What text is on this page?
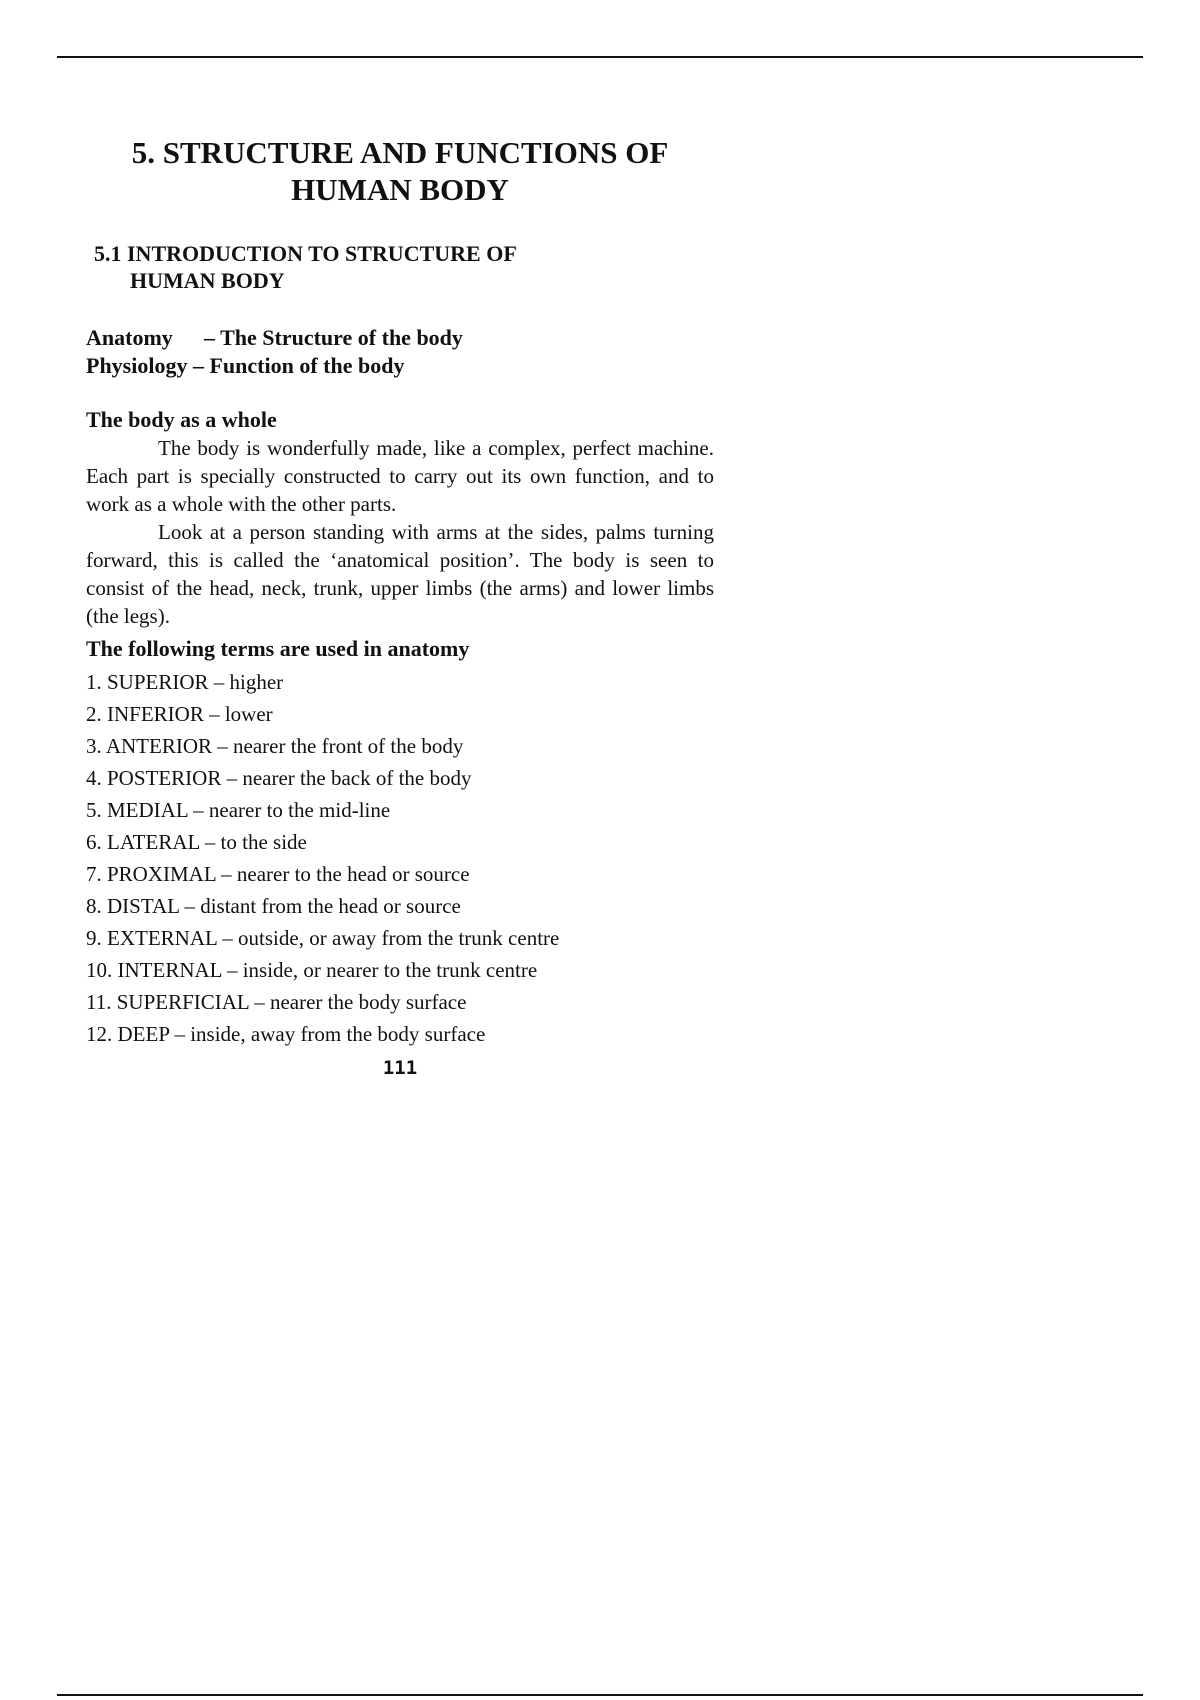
5. STRUCTURE AND FUNCTIONS OF
HUMAN BODY
5.1 INTRODUCTION TO STRUCTURE OF
HUMAN BODY
Anatomy – The Structure of the body
Physiology – Function of the body
The body as a whole

The body is wonderfully made, like a complex, perfect machine. Each part is specially constructed to carry out its own function, and to work as a whole with the other parts.

Look at a person standing with arms at the sides, palms turning forward, this is called the ‘anatomical position’. The body is seen to consist of the head, neck, trunk, upper limbs (the arms) and lower limbs (the legs).

The following terms are used in anatomy
1. SUPERIOR – higher
2. INFERIOR – lower
3. ANTERIOR – nearer the front of the body
4. POSTERIOR – nearer the back of the body
5. MEDIAL – nearer to the mid-line
6. LATERAL – to the side
7. PROXIMAL – nearer to the head or source
8. DISTAL – distant from the head or source
9. EXTERNAL – outside, or away from the trunk centre
10. INTERNAL – inside, or nearer to the trunk centre
11. SUPERFICIAL – nearer the body surface
12. DEEP – inside, away from the body surface
111
